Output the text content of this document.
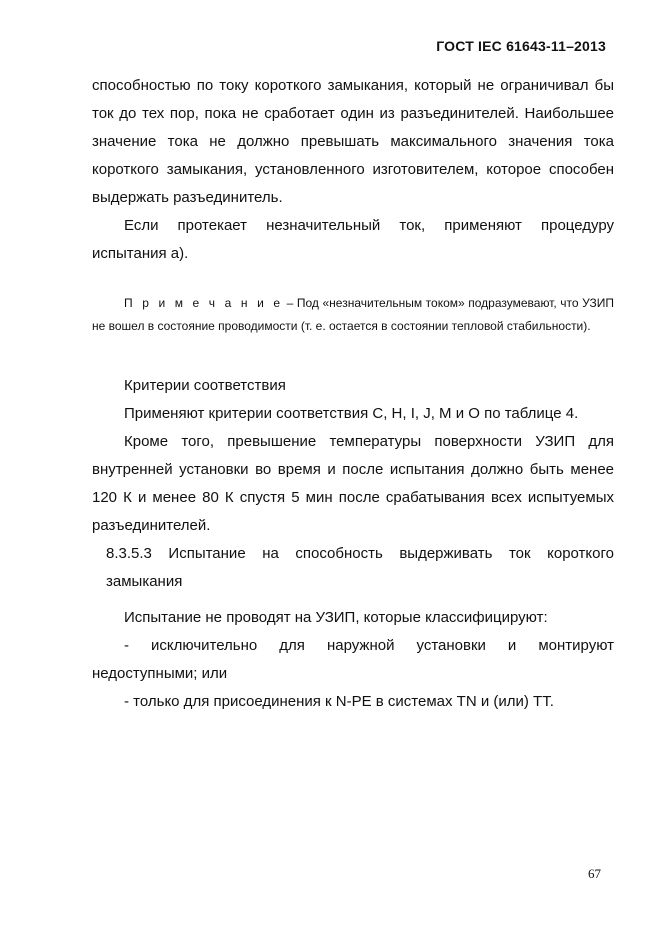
ГОСТ IEC 61643-11–2013

способностью по току короткого замыкания, который не ограничивал бы ток до тех пор, пока не сработает один из разъединителей. Наибольшее значение тока не должно превышать максимального значения тока короткого замыкания, установленного изготовителем, которое способен выдержать разъединитель.

Если протекает незначительный ток, применяют процедуру испытания а).

П р и м е ч а н и е – Под «незначительным током» подразумевают, что УЗИП не вошел в состояние проводимости (т. е. остается в состоянии тепловой стабильности).

Критерии соответствия

Применяют критерии соответствия С, H, I, J, M и O по таблице 4.

Кроме того, превышение температуры поверхности УЗИП для внутренней установки во время и после испытания должно быть менее 120 К и менее 80 К спустя 5 мин после срабатывания всех испытуемых разъединителей.

8.3.5.3 Испытание на способность выдерживать ток короткого замыкания

Испытание не проводят на УЗИП, которые классифицируют:

- исключительно для наружной установки и монтируют недоступными; или

- только для присоединения к N-PE в системах TN и (или) TT.

67
